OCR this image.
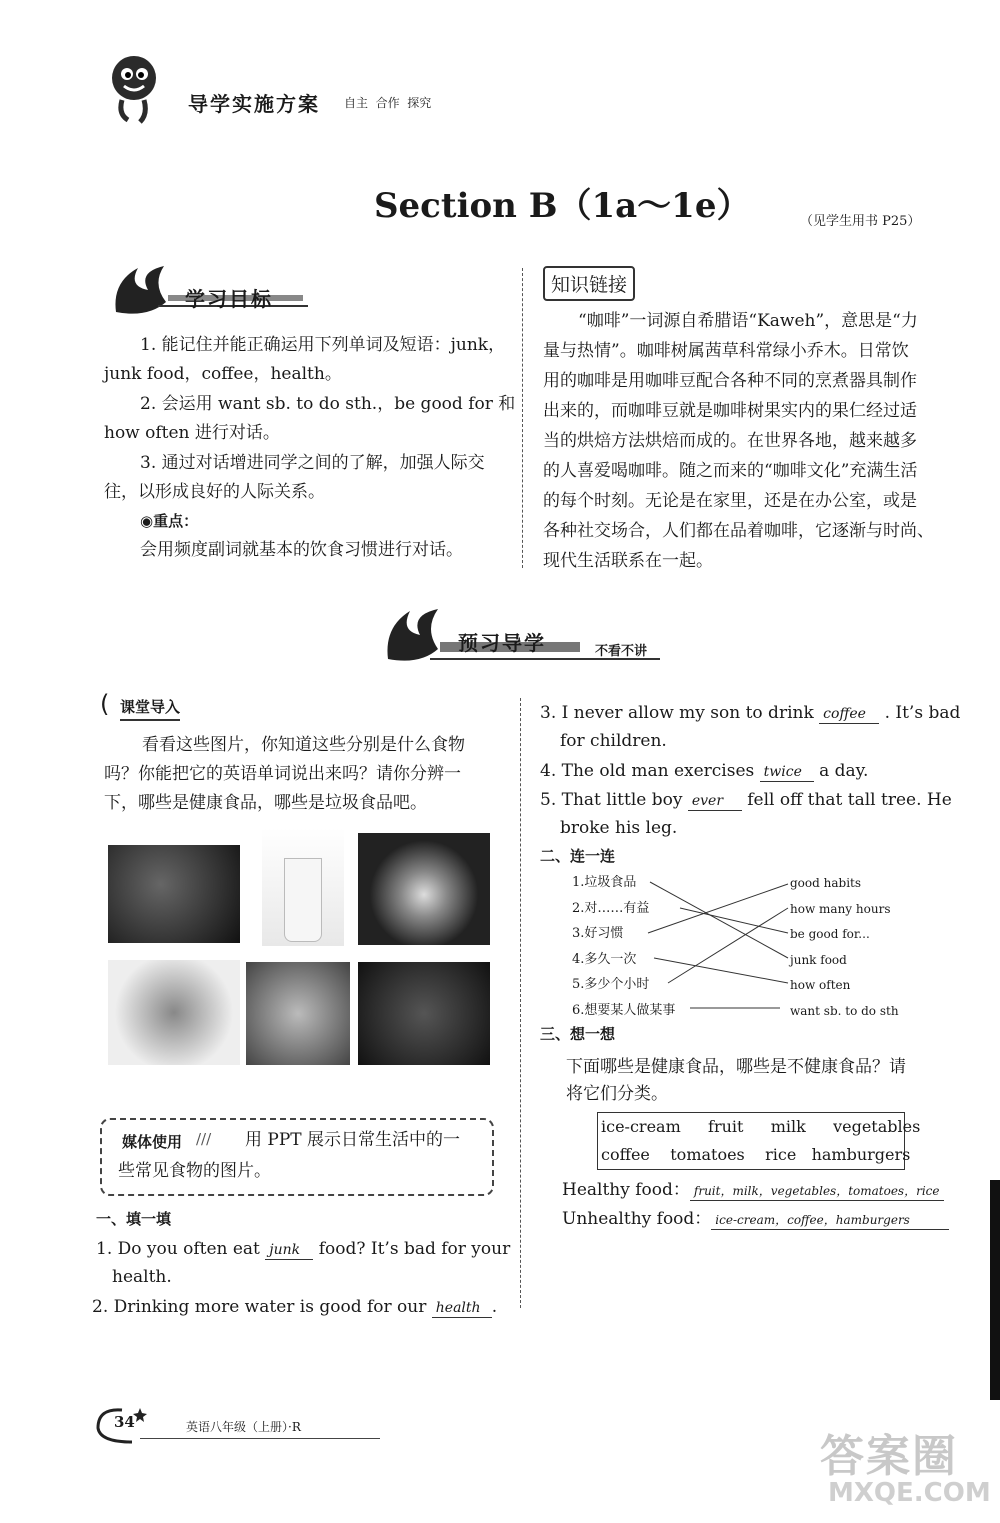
导学实施方案 自主  合作  探究
Section B（1a～1e）	（见学生用书 P25）
学习目标
1. 能记住并能正确运用下列单词及短语：junk，
junk food，coffee，health。
2. 会运用 want sb. to do sth.，be good for 和
how often 进行对话。
3. 通过对话增进同学之间的了解，加强人际交
往，以形成良好的人际关系。
◉重点：
会用频度副词就基本的饮食习惯进行对话。
知识链接
“咖啡”一词源自希腊语“Kaweh”，意思是“力
量与热情”。咖啡树属茜草科常绿小乔木。日常饮
用的咖啡是用咖啡豆配合各种不同的烹煮器具制作
出来的，而咖啡豆就是咖啡树果实内的果仁经过适
当的烘焙方法烘焙而成的。在世界各地，越来越多
的人喜爱喝咖啡。随之而来的“咖啡文化”充满生活
的每个时刻。无论是在家里，还是在办公室，或是
各种社交场合，人们都在品着咖啡，它逐渐与时尚、
现代生活联系在一起。
预习导学	不看不讲
( 课堂导入
看看这些图片，你知道这些分别是什么食物
吗？你能把它的英语单词说出来吗？请你分辨一
下，哪些是健康食品，哪些是垃圾食品吧。
媒体使用 /// 用 PPT 展示日常生活中的一
些常见食物的图片。
一、填一填
1. Do you often eat junk food? It’s bad for your
health.
2. Drinking more water is good for our health .
3. I never allow my son to drink coffee . It’s bad
for children.
4. The old man exercises twice a day.
5. That little boy ever fell off that tall tree. He
broke his leg.
二、连一连
1.垃圾食品
2.对……有益
3.好习惯
4.多久一次
5.多少个小时
6.想要某人做某事
good habits
how many hours
be good for...
junk food
how often
want sb. to do sth
三、想一想
下面哪些是健康食品，哪些是不健康食品？请
将它们分类。
ice-cream fruit milk vegetables
coffee tomatoes rice hamburgers
Healthy food： fruit，milk，vegetables，tomatoes，rice
Unhealthy food： ice-cream，coffee，hamburgers
34	英语八年级（上册）·R
答案圈
MXQE.COM
